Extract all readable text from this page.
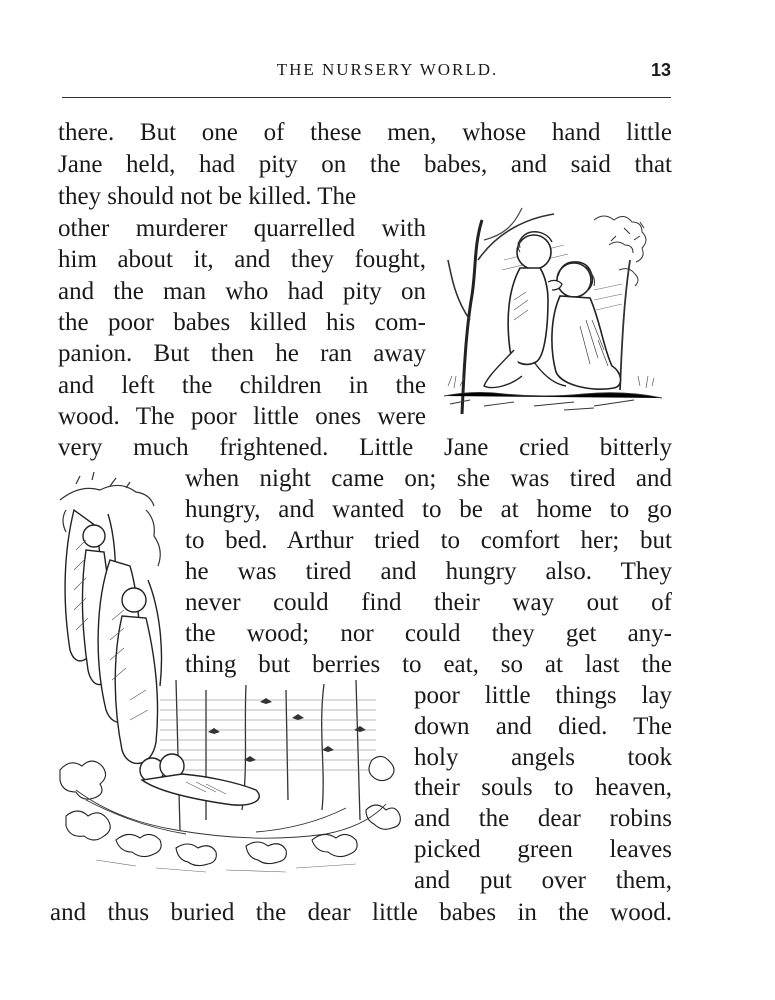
THE NURSERY WORLD.	13
there. But one of these men, whose hand little
Jane held, had pity on the babes, and said that
they should not be killed. The
other murderer quarrelled with
him about it, and they fought,
and the man who had pity on
the poor babes killed his com-
panion. But then he ran away
and left the children in the
wood. The poor little ones were
very much frightened. Little Jane cried bitterly
when night came on; she was tired and
hungry, and wanted to be at home to go
to bed. Arthur tried to comfort her; but
he was tired and hungry also. They
never could find their way out of
the wood; nor could they get any-
thing but berries to eat, so at last the
poor little things lay
down and died. The
holy angels took
their souls to heaven,
and the dear robins
picked green leaves
and put over them,
and thus buried the dear little babes in the wood.
